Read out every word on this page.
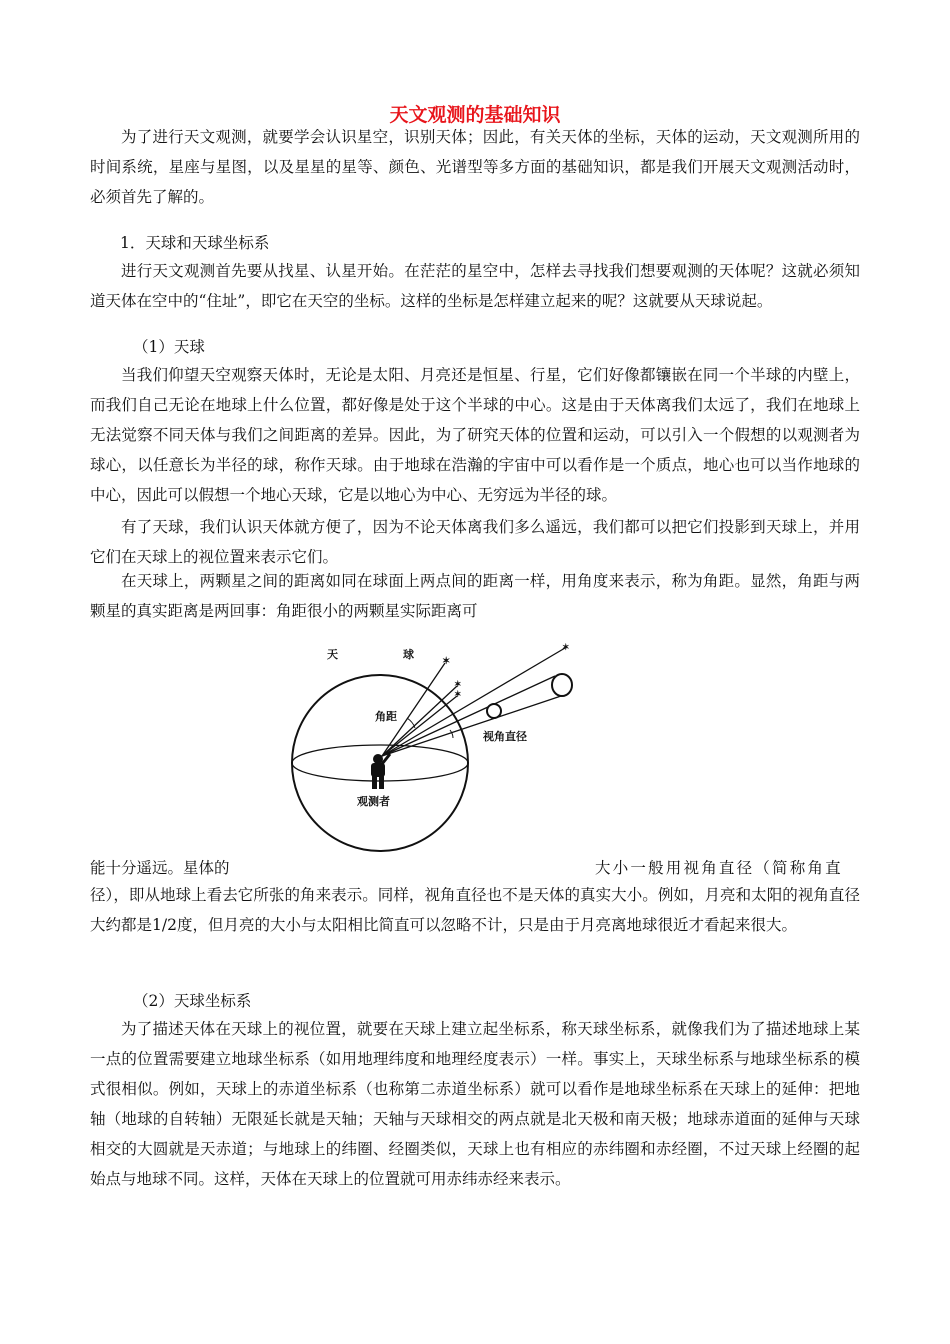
天文观测的基础知识

为了进行天文观测，就要学会认识星空，识别天体；因此，有关天体的坐标，天体的运动，天文观测所用的时间系统，星座与星图，以及星星的星等、颜色、光谱型等多方面的基础知识，都是我们开展天文观测活动时，必须首先了解的。

1．天球和天球坐标系

进行天文观测首先要从找星、认星开始。在茫茫的星空中，怎样去寻找我们想要观测的天体呢？这就必须知道天体在空中的“住址”，即它在天空的坐标。这样的坐标是怎样建立起来的呢？这就要从天球说起。

（1）天球

当我们仰望天空观察天体时，无论是太阳、月亮还是恒星、行星，它们好像都镶嵌在同一个半球的内壁上，而我们自己无论在地球上什么位置，都好像是处于这个半球的中心。这是由于天体离我们太远了，我们在地球上无法觉察不同天体与我们之间距离的差异。因此，为了研究天体的位置和运动，可以引入一个假想的以观测者为球心，以任意长为半径的球，称作天球。由于地球在浩瀚的宇宙中可以看作是一个质点，地心也可以当作地球的中心，因此可以假想一个地心天球，它是以地心为中心、无穷远为半径的球。

有了天球，我们认识天体就方便了，因为不论天体离我们多么遥远，我们都可以把它们投影到天球上，并用它们在天球上的视位置来表示它们。

在天球上，两颗星之间的距离如同在球面上两点间的距离一样，用角度来表示，称为角距。显然，角距与两颗星的真实距离是两回事：角距很小的两颗星实际距离可

✶
✶
✶
✶
天	球
角距
视角直径
观测者
能十分遥远。星体的	大小一般用视角直径（简称角直

径），即从地球上看去它所张的角来表示。同样，视角直径也不是天体的真实大小。例如，月亮和太阳的视角直径大约都是1/2度，但月亮的大小与太阳相比简直可以忽略不计，只是由于月亮离地球很近才看起来很大。

（2）天球坐标系

为了描述天体在天球上的视位置，就要在天球上建立起坐标系，称天球坐标系，就像我们为了描述地球上某一点的位置需要建立地球坐标系（如用地理纬度和地理经度表示）一样。事实上，天球坐标系与地球坐标系的模式很相似。例如，天球上的赤道坐标系（也称第二赤道坐标系）就可以看作是地球坐标系在天球上的延伸：把地轴（地球的自转轴）无限延长就是天轴；天轴与天球相交的两点就是北天极和南天极；地球赤道面的延伸与天球相交的大圆就是天赤道；与地球上的纬圈、经圈类似，天球上也有相应的赤纬圈和赤经圈，不过天球上经圈的起始点与地球不同。这样，天体在天球上的位置就可用赤纬赤经来表示。
